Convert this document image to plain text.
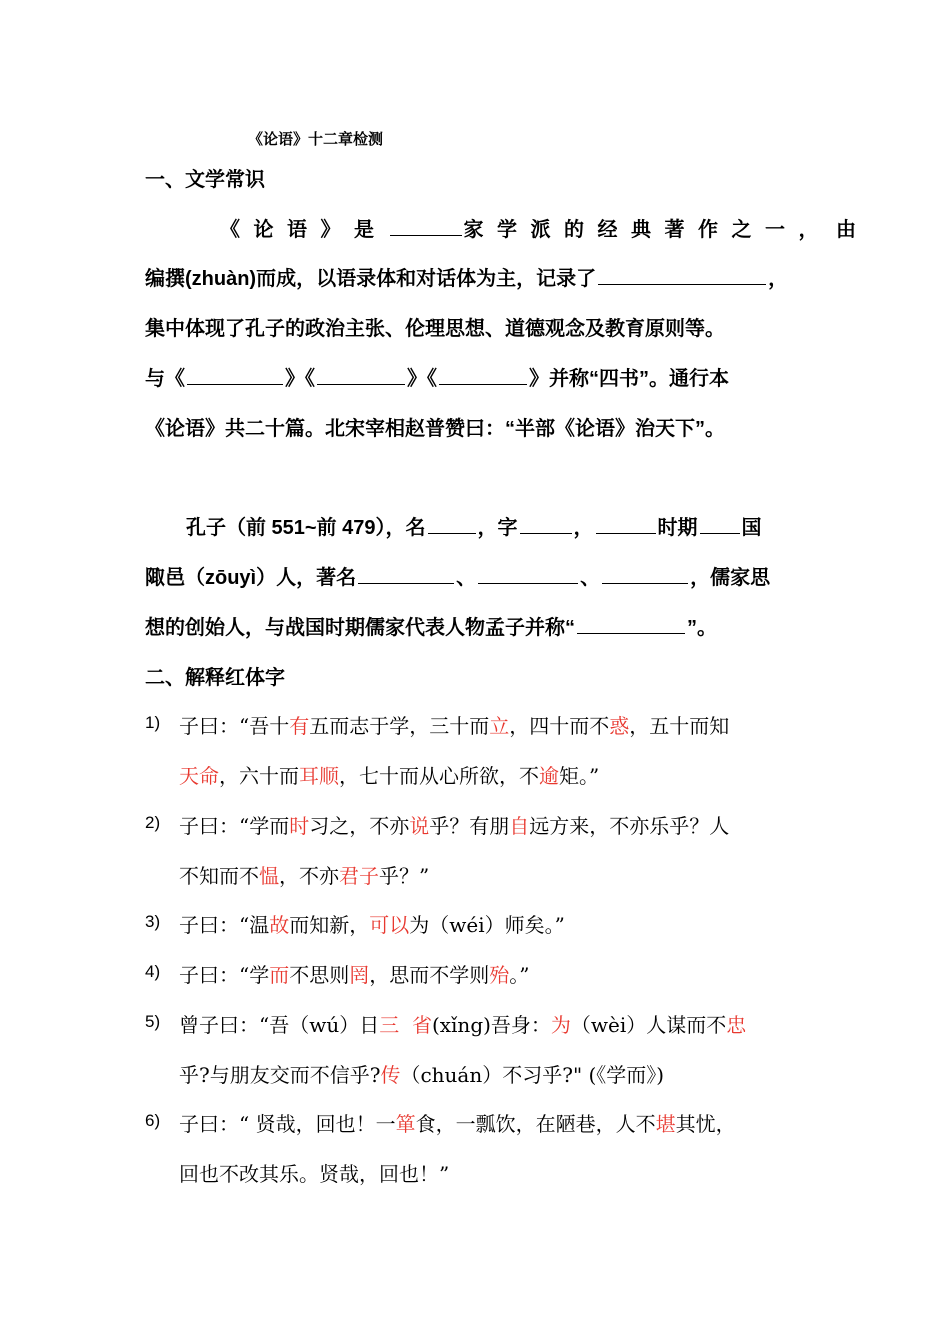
《论语》十二章检测
一、文学常识
《论语》是	家学派的经典著作之一， 由
编撰(zhuàn)而成，以语录体和对话体为主，记录了	，
集中体现了孔子的政治主张、伦理思想、道德观念及教育原则等。
与《	》《	》《	》并称“四书”。通行本
《论语》共二十篇。北宋宰相赵普赞曰：“半部《论语》治天下”。
孔子（前 551~前 479），名	，字	，	时期 国
陬邑（zōuyì）人，著名	、	、	，儒家思
想的创始人，与战国时期儒家代表人物孟子并称“	”。
二、解释红体字
1) 子曰：“吾十有五而志于学，三十而立，四十而不惑，五十而知
天命，六十而耳顺，七十而从心所欲，不逾矩。”
2) 子曰：“学而时习之，不亦说乎？有朋自远方来，不亦乐乎？人
不知而不愠，不亦君子乎？”
3) 子曰：“温故而知新，可以为（wéi）师矣。”
4) 子曰：“学而不思则罔，思而不学则殆。”
5) 曾子曰：“吾（wú）日三  省(xǐng)吾身：为（wèi）人谋而不忠
乎?与朋友交而不信乎?传（chuán）不习乎?" (《学而》)
6) 子曰：“ 贤哉，回也！一箪食，一瓢饮，在陋巷，人不堪其忧，
回也不改其乐。贤哉，回也！”
